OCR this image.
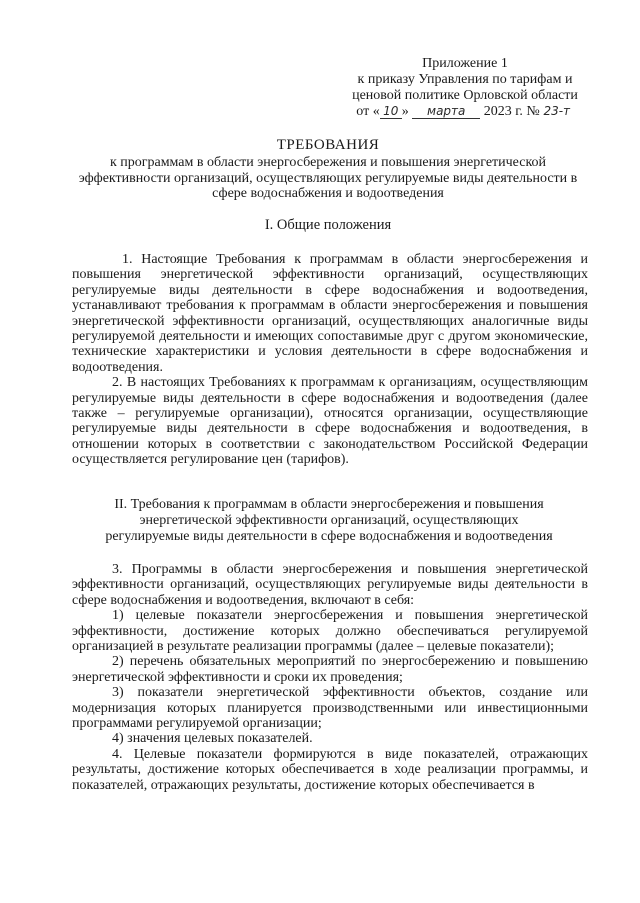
Приложение 1
к приказу Управления по тарифам и
ценовой политике Орловской области
от « 10 » марта 2023 г. № 23-т
ТРЕБОВАНИЯ
к программам в области энергосбережения и повышения энергетической эффективности организаций, осуществляющих регулируемые виды деятельности в сфере водоснабжения и водоотведения
I. Общие положения

1. Настоящие Требования к программам в области энергосбережения и повышения энергетической эффективности организаций, осуществляющих регулируемые виды деятельности в сфере водоснабжения и водоотведения, устанавливают требования к программам в области энергосбережения и повышения энергетической эффективности организаций, осуществляющих аналогичные виды регулируемой деятельности и имеющих сопоставимые друг с другом экономические, технические характеристики и условия деятельности в сфере водоснабжения и водоотведения.

2. В настоящих Требованиях к программам к организациям, осуществляющим регулируемые виды деятельности в сфере водоснабжения и водоотведения (далее также – регулируемые организации), относятся организации, осуществляющие регулируемые виды деятельности в сфере водоснабжения и водоотведения, в отношении которых в соответствии с законодательством Российской Федерации осуществляется регулирование цен (тарифов).

II. Требования к программам в области энергосбережения и повышения энергетической эффективности организаций, осуществляющих регулируемые виды деятельности в сфере водоснабжения и водоотведения

3. Программы в области энергосбережения и повышения энергетической эффективности организаций, осуществляющих регулируемые виды деятельности в сфере водоснабжения и водоотведения, включают в себя:

1) целевые показатели энергосбережения и повышения энергетической эффективности, достижение которых должно обеспечиваться регулируемой организацией в результате реализации программы (далее – целевые показатели);

2) перечень обязательных мероприятий по энергосбережению и повышению энергетической эффективности и сроки их проведения;

3) показатели энергетической эффективности объектов, создание или модернизация которых планируется производственными или инвестиционными программами регулируемой организации;

4) значения целевых показателей.

4. Целевые показатели формируются в виде показателей, отражающих результаты, достижение которых обеспечивается в ходе реализации программы, и показателей, отражающих результаты, достижение которых обеспечивается в
